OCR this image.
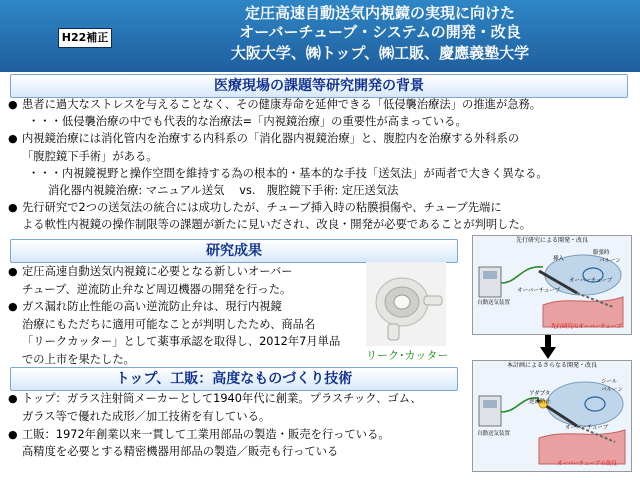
H22補正
定圧高速自動送気内視鏡の実現に向けた
オーバーチューブ・システムの開発・改良
大阪大学、㈱トップ、㈱工販、慶應義塾大学
医療現場の課題等研究開発の背景
● 患者に過大なストレスを与えることなく、その健康寿命を延伸できる「低侵襲治療法」の推進が急務。
・・・低侵襲治療の中でも代表的な治療法=「内視鏡治療」の重要性が高まっている。
● 内視鏡治療には消化管内を治療する内科系の「消化器内視鏡治療」と、腹腔内を治療する外科系の
「腹腔鏡下手術」がある。
・・・内視鏡視野と操作空間を維持する為の根本的・基本的な手技「送気法」が両者で大きく異なる。
消化器内視鏡治療: マニュアル送気　 vs.　腹腔鏡下手術: 定圧送気法
● 先行研究で2つの送気法の統合には成功したが、チューブ挿入時の粘膜損傷や、チューブ先端に
よる軟性内視鏡の操作制限等の課題が新たに見いだされ、改良・開発が必要であることが判明した。
研究成果
● 定圧高速自動送気内視鏡に必要となる新しいオーバー
チューブ、逆流防止弁など周辺機器の開発を行った。
● ガス漏れ防止性能の高い逆流防止弁は、現行内視鏡
治療にもただちに適用可能なことが判明したため、商品名
「リークカッター」として薬事承認を取得し、2012年7月単品
での上市を果たした。	リーク･カッター
先行研究による開発・改良
自動送気装置
オーバーチューブ
膨張時
バルーン
挿入
オーバーチューブ
先行研究のオーバーチューブ
本計画によるさらなる開発・改良
自動送気装置
アダプタ
逆流防止
シール
オーバーチューブ
バルーン
オーバーチューブの改良
トップ、工販：高度なものづくり技術
● トップ：ガラス注射筒メーカーとして1940年代に創業。プラスチック、ゴム、
ガラス等で優れた成形／加工技術を有している。
● 工販：1972年創業以来一貫して工業用部品の製造・販売を行っている。
高精度を必要とする精密機器用部品の製造／販売も行っている
